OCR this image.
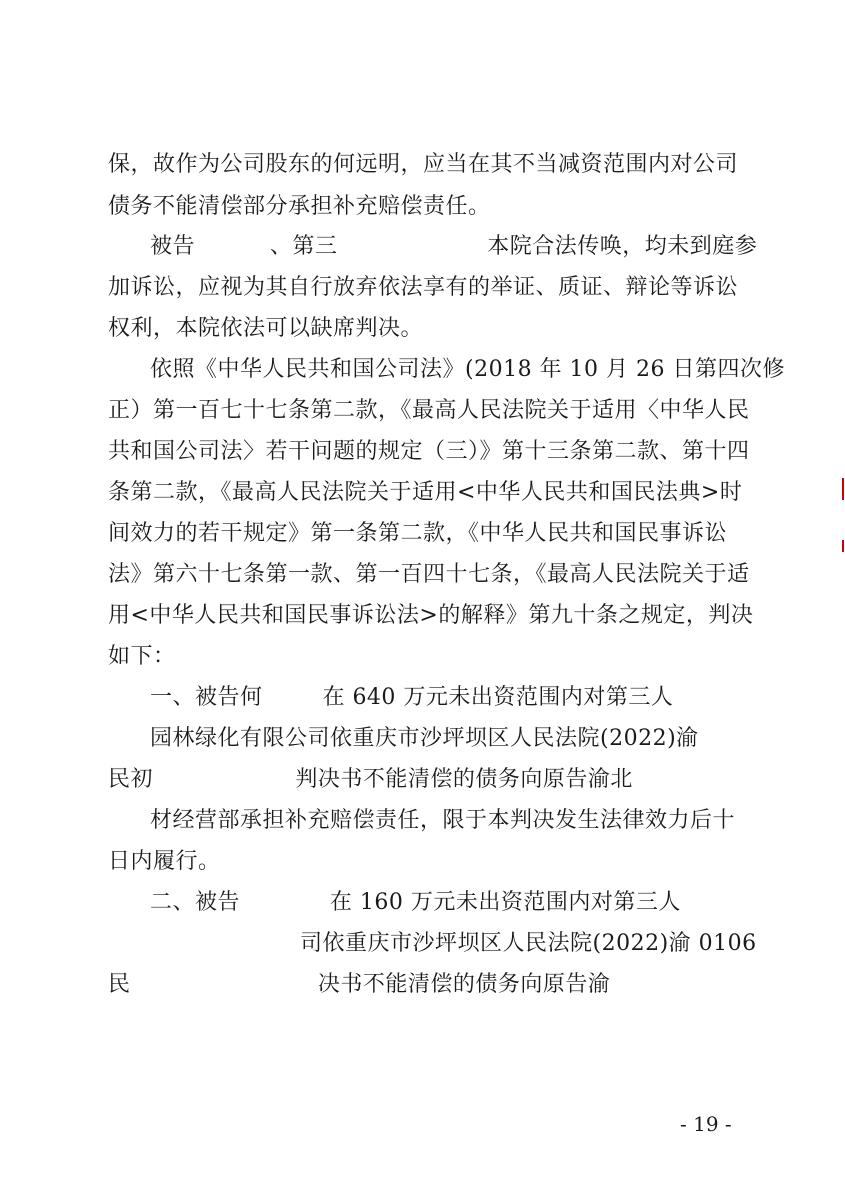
保，故作为公司股东的何远明，应当在其不当减资范围内对公司
债务不能清偿部分承担补充赔偿责任。
被告          、第三                    本院合法传唤，均未到庭参
加诉讼，应视为其自行放弃依法享有的举证、质证、辩论等诉讼
权利，本院依法可以缺席判决。
依照《中华人民共和国公司法》(2018 年 10 月 26 日第四次修
正）第一百七十七条第二款，《最高人民法院关于适用〈中华人民
共和国公司法〉若干问题的规定（三）》第十三条第二款、第十四
条第二款，《最高人民法院关于适用<中华人民共和国民法典>时
间效力的若干规定》第一条第二款，《中华人民共和国民事诉讼
法》第六十七条第一款、第一百四十七条，《最高人民法院关于适
用<中华人民共和国民事诉讼法>的解释》第九十条之规定，判决
如下：
一、被告何        在 640 万元未出资范围内对第三人
园林绿化有限公司依重庆市沙坪坝区人民法院(2022)渝
民初                   判决书不能清偿的债务向原告渝北
材经营部承担补充赔偿责任，限于本判决发生法律效力后十
日内履行。
二、被告            在 160 万元未出资范围内对第三人
司依重庆市沙坪坝区人民法院(2022)渝 0106
民                         决书不能清偿的债务向原告渝
- 19 -
